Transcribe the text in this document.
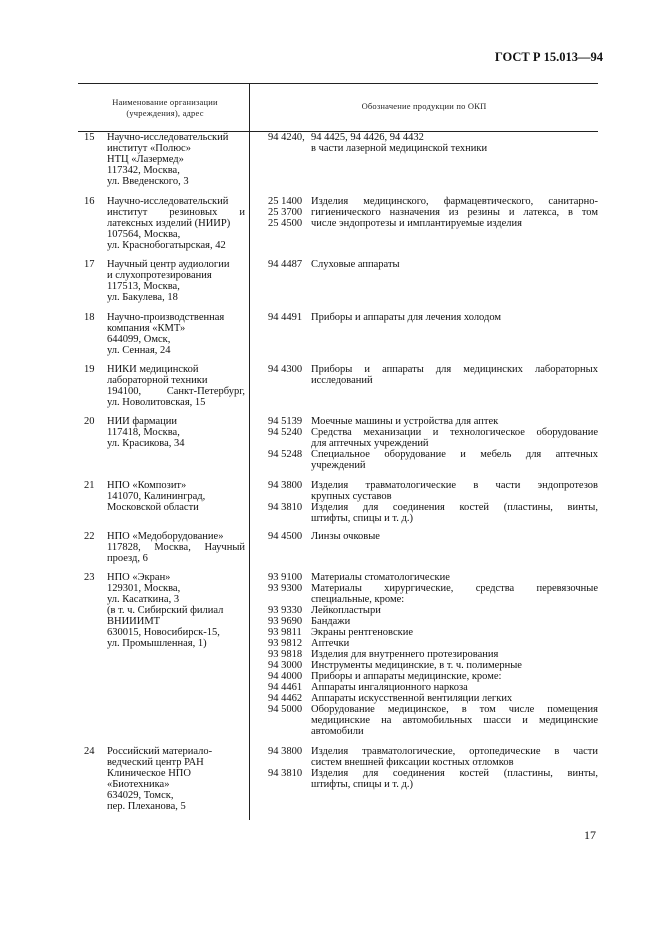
ГОСТ Р 15.013—94
Наименование организации
(учреждения), адрес
Обозначение продукции по ОКП
15 Научно-исследовательский
институт «Полюс»
НТЦ «Лазермед»
117342, Москва,
ул. Введенского, 3
94 4240, 94 4425, 94 4426, 94 4432
в части лазерной медицинской техники
16 Научно-исследовательский
институт резиновых и
латексных изделий (НИИР)
107564, Москва,
ул. Краснобогатырская, 42
25 1400 Изделия медицинского, фармацевтического, санитарно-
25 3700 гигиенического назначения из резины и латекса, в том
25 4500 числе эндопротезы и имплантируемые изделия
17 Научный центр аудиологии
и слухопротезирования
117513, Москва,
ул. Бакулева, 18
94 4487 Слуховые аппараты
18 Научно-производственная
компания «КМТ»
644099, Омск,
ул. Сенная, 24
94 4491 Приборы и аппараты для лечения холодом
19 НИКИ медицинской
лабораторной техники
194100, Санкт-Петербург,
ул. Новолитовская, 15
94 4300 Приборы и аппараты для медицинских лабораторных
исследований
20 НИИ фармации
117418, Москва,
ул. Красикова, 34
94 5139 Моечные машины и устройства для аптек
94 5240 Средства механизации и технологическое оборудование
для аптечных учреждений
94 5248 Специальное оборудование и мебель для аптечных
учреждений
21 НПО «Композит»
141070, Калининград,
Московской области
94 3800 Изделия травматологические в части эндопротезов
крупных суставов
94 3810 Изделия для соединения костей (пластины, винты,
штифты, спицы и т. д.)
22 НПО «Медоборудование»
117828, Москва, Научный
проезд, 6
94 4500 Линзы очковые
23 НПО «Экран»
129301, Москва,
ул. Касаткина, 3
(в т. ч. Сибирский филиал
ВНИИИМТ
630015, Новосибирск-15,
ул. Промышленная, 1)
93 9100 Материалы стоматологические
93 9300 Материалы хирургические, средства перевязочные
специальные, кроме:
93 9330 Лейкопластыри
93 9690 Бандажи
93 9811 Экраны рентгеновские
93 9812 Аптечки
93 9818 Изделия для внутреннего протезирования
94 3000 Инструменты медицинские, в т. ч. полимерные
94 4000 Приборы и аппараты медицинские, кроме:
94 4461 Аппараты ингаляционного наркоза
94 4462 Аппараты искусственной вентиляции легких
94 5000 Оборудование медицинское, в том числе помещения
медицинские на автомобильных шасси и медицинские
автомобили
24 Российский материало-
ведческий центр РАН
Клиническое НПО
«Биотехника»
634029, Томск,
пер. Плеханова, 5
94 3800 Изделия травматологические, ортопедические в части
систем внешней фиксации костных отломков
94 3810 Изделия для соединения костей (пластины, винты,
штифты, спицы и т. д.)
17
